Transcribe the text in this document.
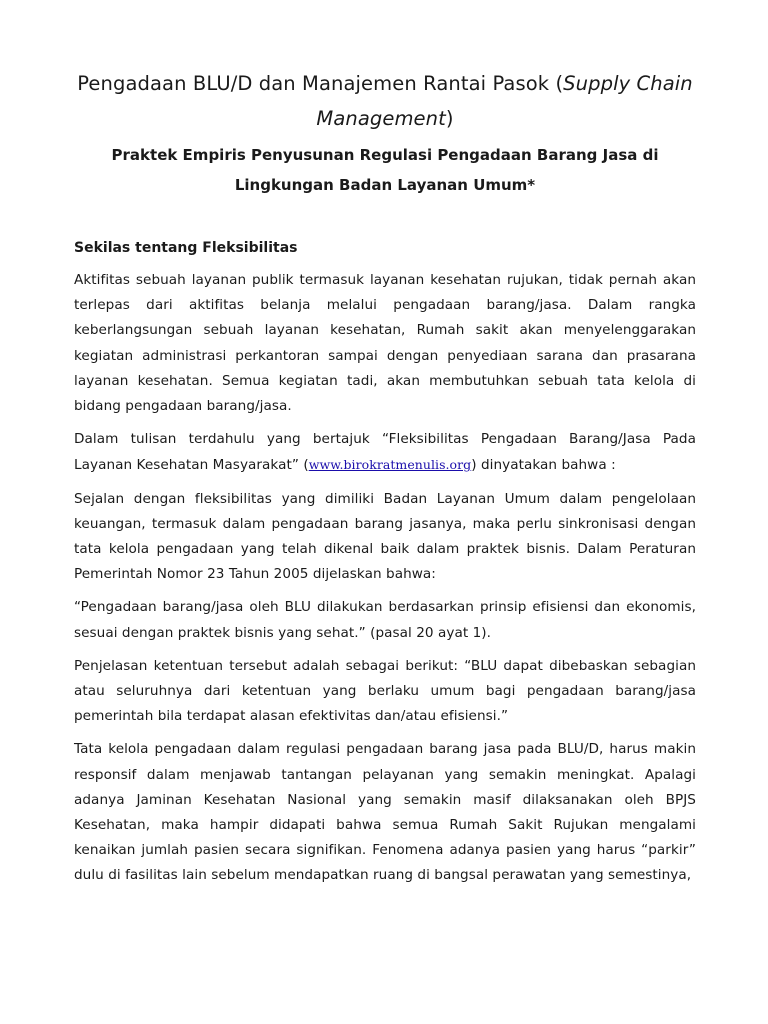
Pengadaan BLU/D dan Manajemen Rantai Pasok (Supply Chain Management)
Praktek Empiris Penyusunan Regulasi Pengadaan Barang Jasa di Lingkungan Badan Layanan Umum*
Sekilas tentang Fleksibilitas

Aktifitas sebuah layanan publik termasuk layanan kesehatan rujukan, tidak pernah akan terlepas dari aktifitas belanja melalui pengadaan barang/jasa. Dalam rangka keberlangsungan sebuah layanan kesehatan, Rumah sakit akan menyelenggarakan kegiatan administrasi perkantoran sampai dengan penyediaan sarana dan prasarana layanan kesehatan. Semua kegiatan tadi, akan membutuhkan sebuah tata kelola di bidang pengadaan barang/jasa.

Dalam tulisan terdahulu yang bertajuk “Fleksibilitas Pengadaan Barang/Jasa Pada Layanan Kesehatan Masyarakat” (www.birokratmenulis.org) dinyatakan bahwa :

Sejalan dengan fleksibilitas yang dimiliki Badan Layanan Umum dalam pengelolaan keuangan, termasuk dalam pengadaan barang jasanya, maka perlu sinkronisasi dengan tata kelola pengadaan yang telah dikenal baik dalam praktek bisnis. Dalam Peraturan Pemerintah Nomor 23 Tahun 2005 dijelaskan bahwa:

“Pengadaan barang/jasa oleh BLU dilakukan berdasarkan prinsip efisiensi dan ekonomis, sesuai dengan praktek bisnis yang sehat.” (pasal 20 ayat 1).

Penjelasan ketentuan tersebut adalah sebagai berikut: “BLU dapat dibebaskan sebagian atau seluruhnya dari ketentuan yang berlaku umum bagi pengadaan barang/jasa pemerintah bila terdapat alasan efektivitas dan/atau efisiensi.”

Tata kelola pengadaan dalam regulasi pengadaan barang jasa pada BLU/D, harus makin responsif dalam menjawab tantangan pelayanan yang semakin meningkat. Apalagi adanya Jaminan Kesehatan Nasional yang semakin masif dilaksanakan oleh BPJS Kesehatan, maka hampir didapati bahwa semua Rumah Sakit Rujukan mengalami kenaikan jumlah pasien secara signifikan. Fenomena adanya pasien yang harus “parkir” dulu di fasilitas lain sebelum mendapatkan ruang di bangsal perawatan yang semestinya,
